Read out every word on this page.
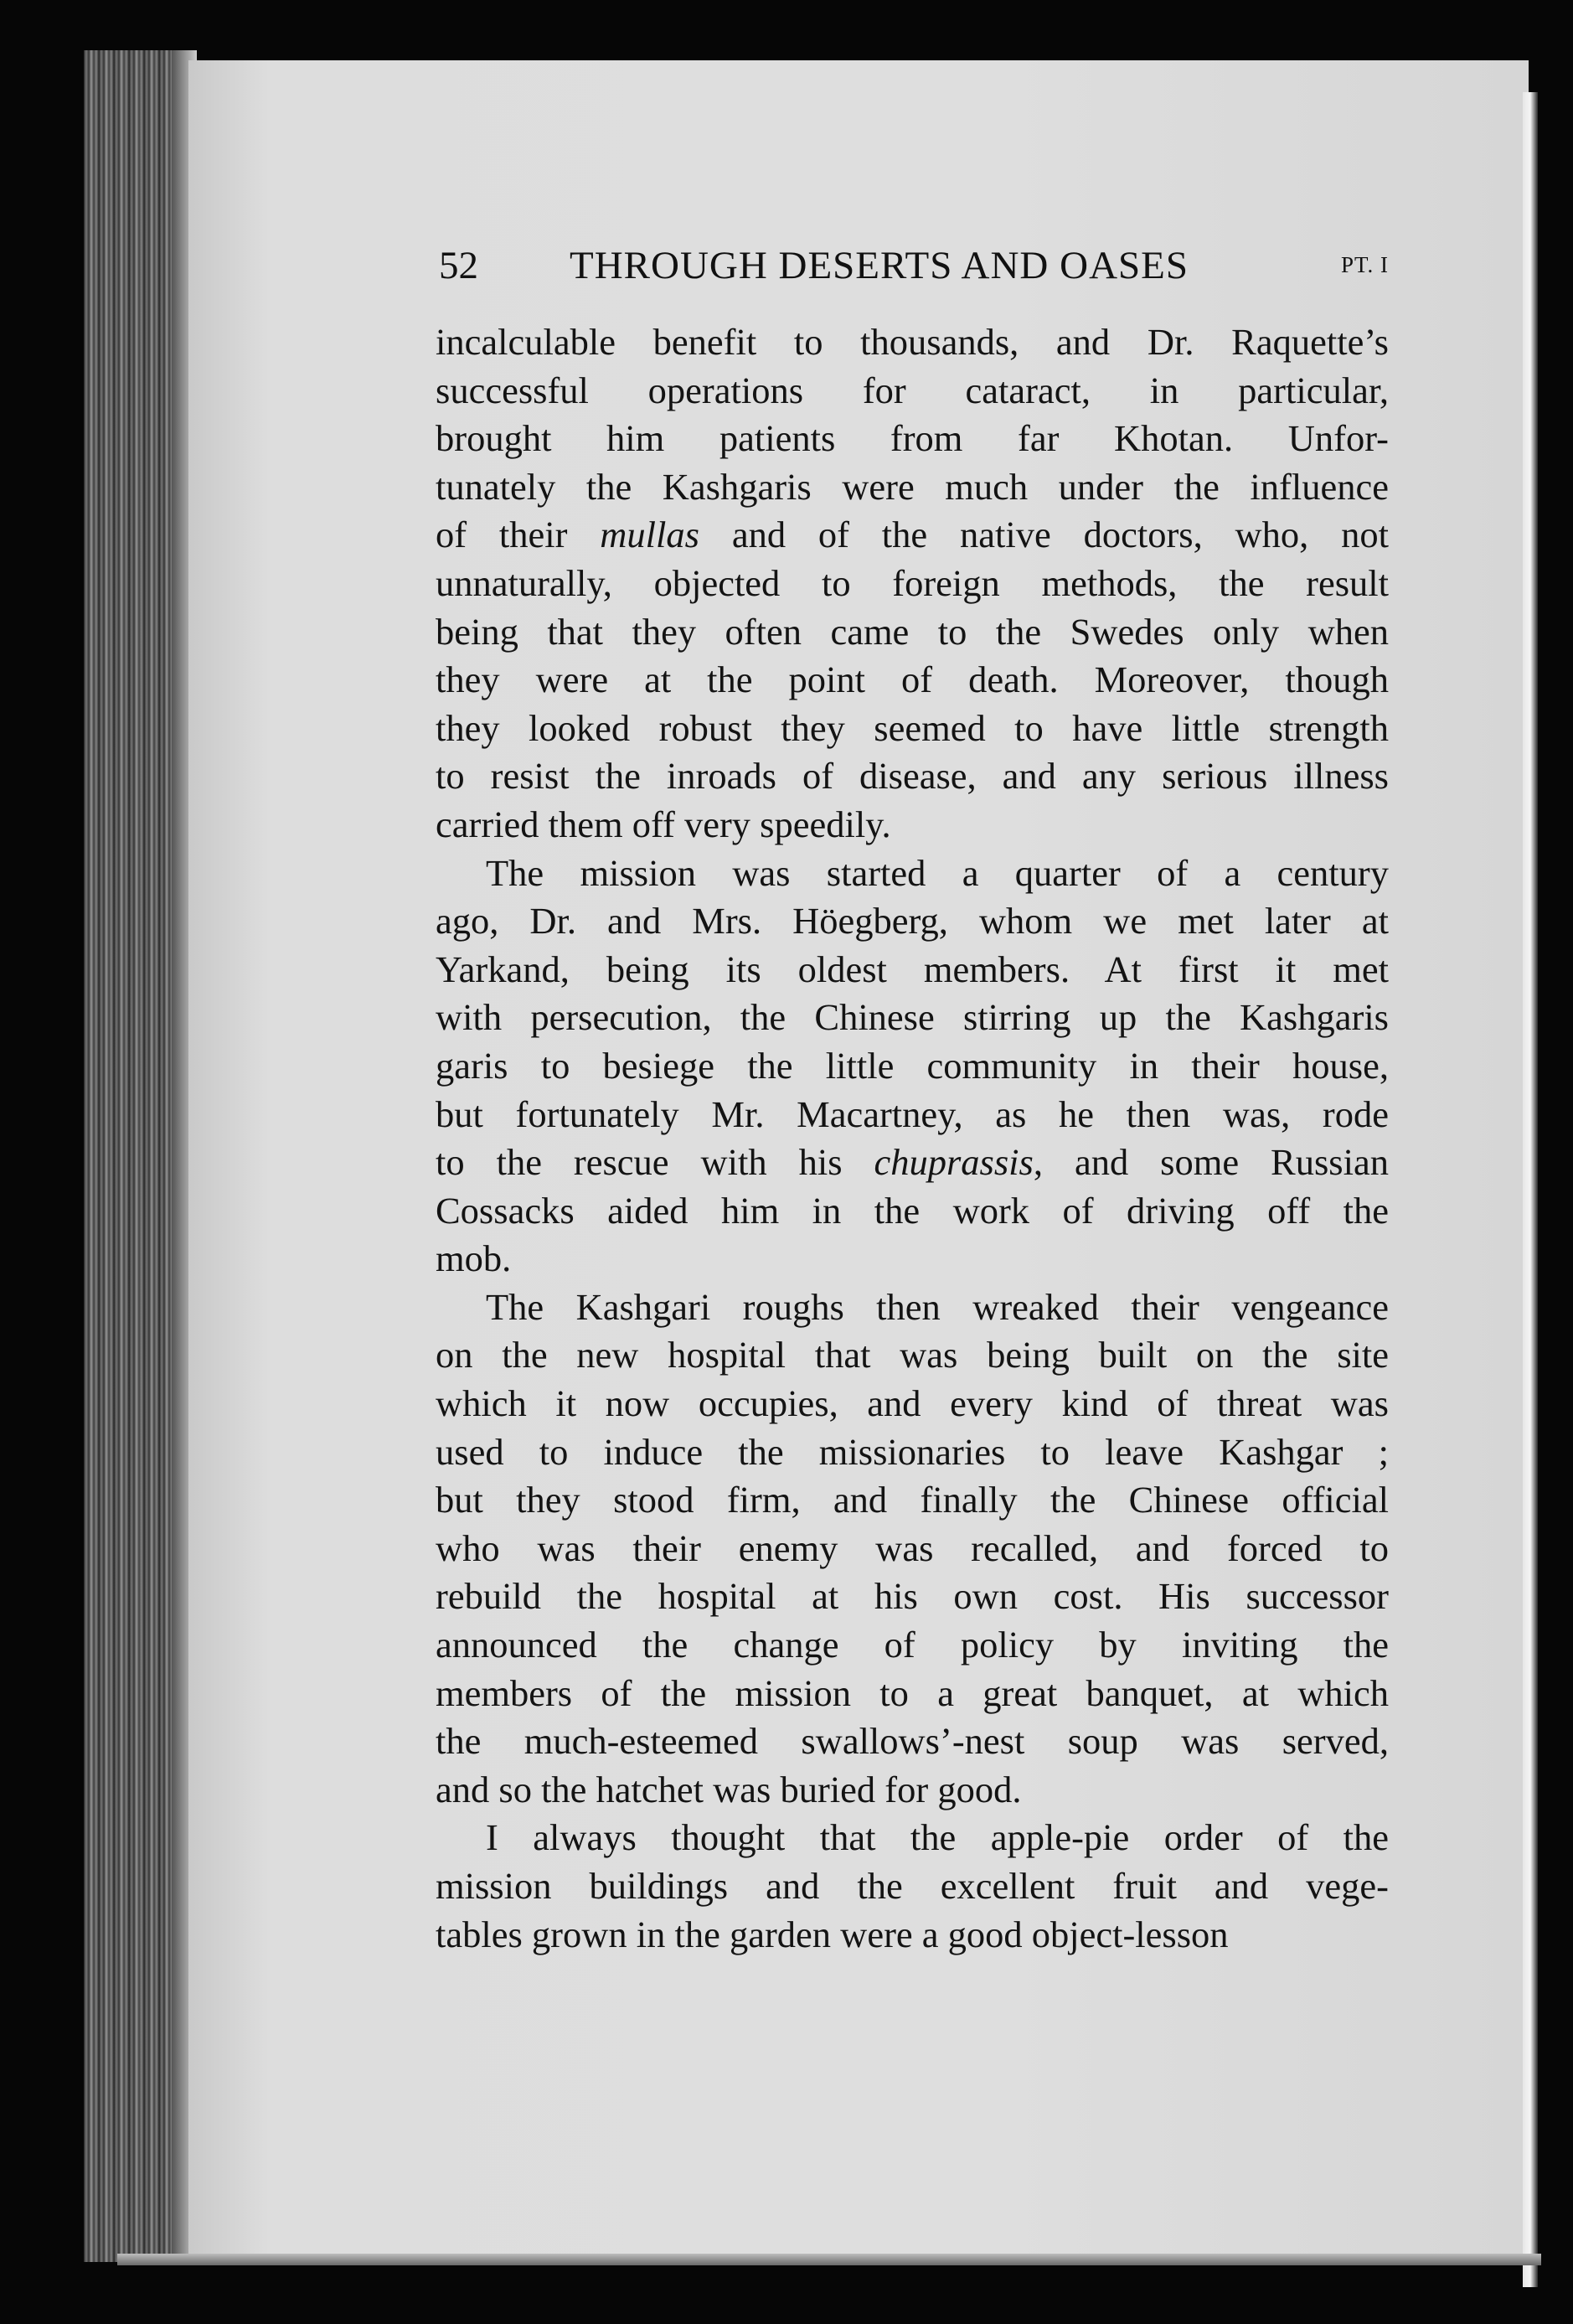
52 THROUGH DESERTS AND OASES	PT. I
incalculable benefit to thousands, and Dr. Raquette’s
successful operations for cataract, in particular,
brought him patients from far Khotan. Unfor-
tunately the Kashgaris were much under the influence
of their mullas and of the native doctors, who, not
unnaturally, objected to foreign methods, the result
being that they often came to the Swedes only when
they were at the point of death. Moreover, though
they looked robust they seemed to have little strength
to resist the inroads of disease, and any serious illness
carried them off very speedily.
The mission was started a quarter of a century
ago, Dr. and Mrs. Höegberg, whom we met later at
Yarkand, being its oldest members. At first it met
with persecution, the Chinese stirring up the Kashgaris
garis to besiege the little community in their house,
but fortunately Mr. Macartney, as he then was, rode
to the rescue with his chuprassis, and some Russian
Cossacks aided him in the work of driving off the
mob.
The Kashgari roughs then wreaked their vengeance
on the new hospital that was being built on the site
which it now occupies, and every kind of threat was
used to induce the missionaries to leave Kashgar ;
but they stood firm, and finally the Chinese official
who was their enemy was recalled, and forced to
rebuild the hospital at his own cost. His successor
announced the change of policy by inviting the
members of the mission to a great banquet, at which
the much-esteemed swallows’-nest soup was served,
and so the hatchet was buried for good.
I always thought that the apple-pie order of the
mission buildings and the excellent fruit and vege-
tables grown in the garden were a good object-lesson
